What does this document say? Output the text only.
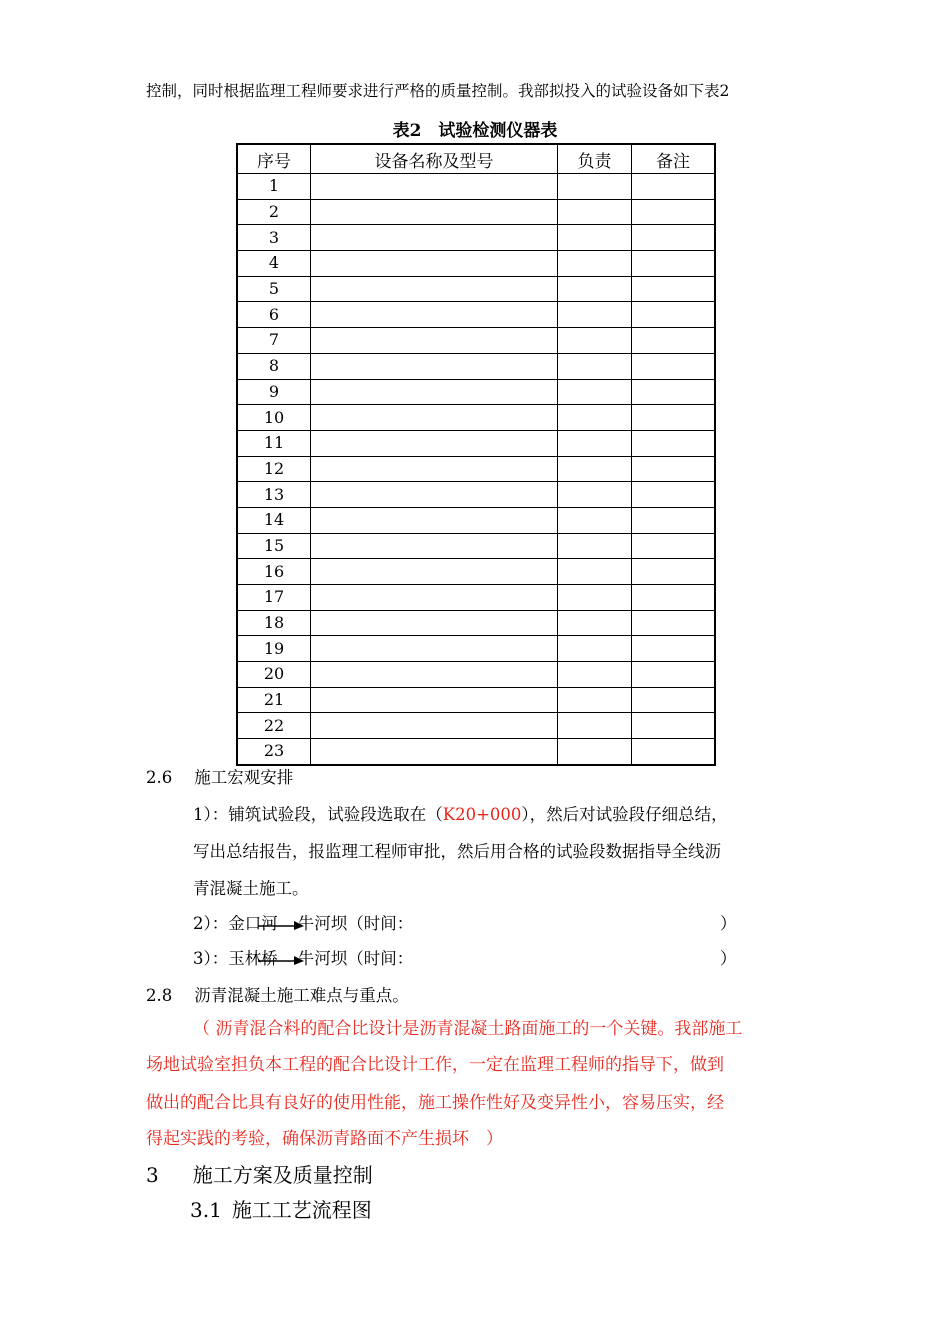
控制，同时根据监理工程师要求进行严格的质量控制。我部拟投入的试验设备如下表2
表2　试验检测仪器表
序号	设备名称及型号	负责	备注
1			
2			
3			
4			
5			
6			
7			
8			
9			
10			
11			
12			
13			
14			
15			
16			
17			
18			
19			
20			
21			
22			
23			
2.6 施工宏观安排
1）：铺筑试验段，试验段选取在（K20+000），然后对试验段仔细总结，
写出总结报告，报监理工程师审批，然后用合格的试验段数据指导全线沥
青混凝土施工。
2）：金口河 牛河坝（时间：	）
3）：玉林桥 牛河坝（时间：	）
2.8 沥青混凝土施工难点与重点。
（ 沥青混合料的配合比设计是沥青混凝土路面施工的一个关键。我部施工
场地试验室担负本工程的配合比设计工作，一定在监理工程师的指导下，做到
做出的配合比具有良好的使用性能，施工操作性好及变异性小，容易压实，经
得起实践的考验，确保沥青路面不产生损坏　）
3 施工方案及质量控制
3.1 施工工艺流程图
